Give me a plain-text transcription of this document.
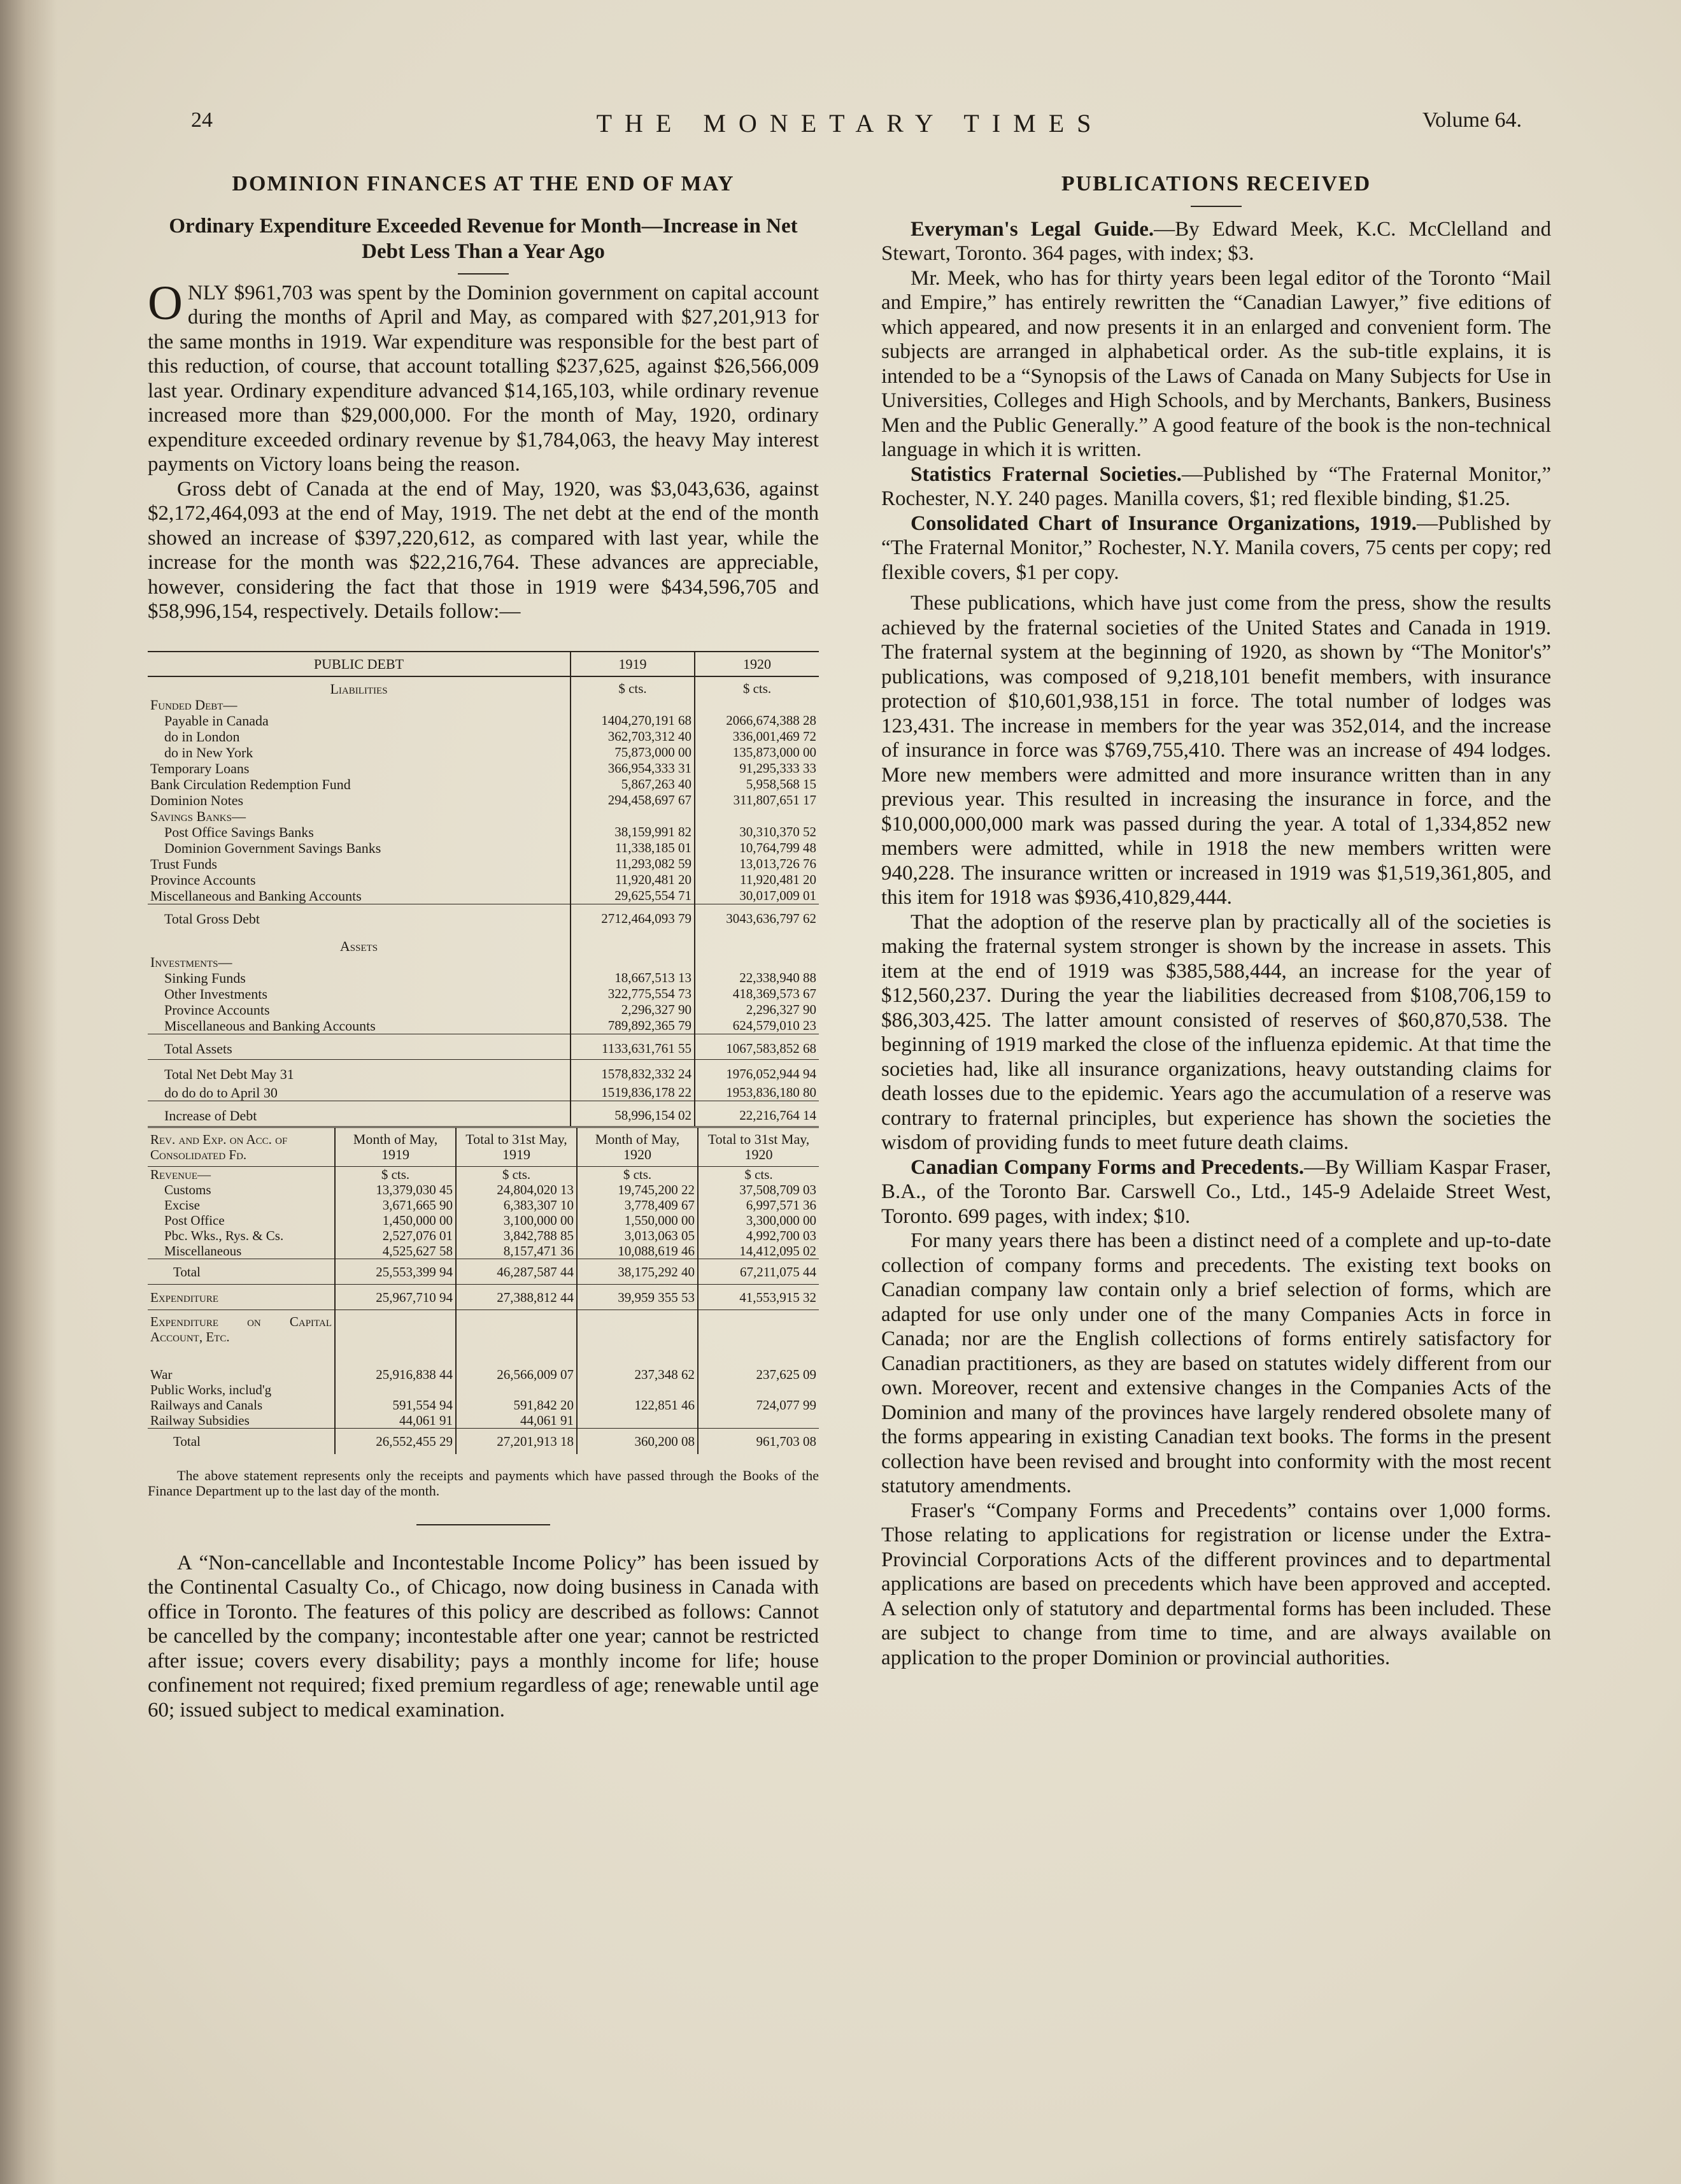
24	THE MONETARY TIMES	Volume 64.
DOMINION FINANCES AT THE END OF MAY
Ordinary Expenditure Exceeded Revenue for Month—Increase in Net Debt Less Than a Year Ago

ONLY $961,703 was spent by the Dominion government on capital account during the months of April and May, as compared with $27,201,913 for the same months in 1919. War expenditure was responsible for the best part of this reduction, of course, that account totalling $237,625, against $26,566,009 last year. Ordinary expenditure advanced $14,165,103, while ordinary revenue increased more than $29,000,000. For the month of May, 1920, ordinary expenditure exceeded ordinary revenue by $1,784,063, the heavy May interest payments on Victory loans being the reason.

Gross debt of Canada at the end of May, 1920, was $3,043,636, against $2,172,464,093 at the end of May, 1919. The net debt at the end of the month showed an increase of $397,220,612, as compared with last year, while the increase for the month was $22,216,764. These advances are appreciable, however, considering the fact that those in 1919 were $434,596,705 and $58,996,154, respectively. Details follow:—

PUBLIC DEBT	1919	1920
Liabilities	$ cts.	$ cts.
Funded Debt—		
Payable in Canada	1404,270,191 68	2066,674,388 28
do in London	362,703,312 40	336,001,469 72
do in New York	75,873,000 00	135,873,000 00
Temporary Loans	366,954,333 31	91,295,333 33
Bank Circulation Redemption Fund	5,867,263 40	5,958,568 15
Dominion Notes	294,458,697 67	311,807,651 17
Savings Banks—		
Post Office Savings Banks	38,159,991 82	30,310,370 52
Dominion Government Savings Banks	11,338,185 01	10,764,799 48
Trust Funds	11,293,082 59	13,013,726 76
Province Accounts	11,920,481 20	11,920,481 20
Miscellaneous and Banking Accounts	29,625,554 71	30,017,009 01
Total Gross Debt	2712,464,093 79	3043,636,797 62
Assets		
Investments—		
Sinking Funds	18,667,513 13	22,338,940 88
Other Investments	322,775,554 73	418,369,573 67
Province Accounts	2,296,327 90	2,296,327 90
Miscellaneous and Banking Accounts	789,892,365 79	624,579,010 23
Total Assets	1133,631,761 55	1067,583,852 68
Total Net Debt May 31	1578,832,332 24	1976,052,944 94
do do do to April 30	1519,836,178 22	1953,836,180 80
Increase of Debt	58,996,154 02	22,216,764 14
Rev. and Exp. on Acc. of Consolidated Fd.	Month of May, 1919	Total to 31st May, 1919	Month of May, 1920	Total to 31st May, 1920
Revenue—	$ cts.	$ cts.	$ cts.	$ cts.
Customs	13,379,030 45	24,804,020 13	19,745,200 22	37,508,709 03
Excise	3,671,665 90	6,383,307 10	3,778,409 67	6,997,571 36
Post Office	1,450,000 00	3,100,000 00	1,550,000 00	3,300,000 00
Pbc. Wks., Rys. & Cs.	2,527,076 01	3,842,788 85	3,013,063 05	4,992,700 03
Miscellaneous	4,525,627 58	8,157,471 36	10,088,619 46	14,412,095 02
Total	25,553,399 94	46,287,587 44	38,175,292 40	67,211,075 44
Expenditure	25,967,710 94	27,388,812 44	39,959 355 53	41,553,915 32
Expenditure on Capital Account, Etc.				
War	25,916,838 44	26,566,009 07	237,348 62	237,625 09
Public Works, includ'g				
Railways and Canals	591,554 94	591,842 20	122,851 46	724,077 99
Railway Subsidies	44,061 91	44,061 91		
Total	26,552,455 29	27,201,913 18	360,200 08	961,703 08
The above statement represents only the receipts and payments which have passed through the Books of the Finance Department up to the last day of the month.

A “Non-cancellable and Incontestable Income Policy” has been issued by the Continental Casualty Co., of Chicago, now doing business in Canada with office in Toronto. The features of this policy are described as follows: Cannot be cancelled by the company; incontestable after one year; cannot be restricted after issue; covers every disability; pays a monthly income for life; house confinement not required; fixed premium regardless of age; renewable until age 60; issued subject to medical examination.

PUBLICATIONS RECEIVED

Everyman's Legal Guide.—By Edward Meek, K.C. McClelland and Stewart, Toronto. 364 pages, with index; $3.

Mr. Meek, who has for thirty years been legal editor of the Toronto “Mail and Empire,” has entirely rewritten the “Canadian Lawyer,” five editions of which appeared, and now presents it in an enlarged and convenient form. The subjects are arranged in alphabetical order. As the sub-title explains, it is intended to be a “Synopsis of the Laws of Canada on Many Subjects for Use in Universities, Colleges and High Schools, and by Merchants, Bankers, Business Men and the Public Generally.” A good feature of the book is the non-technical language in which it is written.

Statistics Fraternal Societies.—Published by “The Fraternal Monitor,” Rochester, N.Y. 240 pages. Manilla covers, $1; red flexible binding, $1.25.

Consolidated Chart of Insurance Organizations, 1919.—Published by “The Fraternal Monitor,” Rochester, N.Y. Manila covers, 75 cents per copy; red flexible covers, $1 per copy.

These publications, which have just come from the press, show the results achieved by the fraternal societies of the United States and Canada in 1919. The fraternal system at the beginning of 1920, as shown by “The Monitor's” publications, was composed of 9,218,101 benefit members, with insurance protection of $10,601,938,151 in force. The total number of lodges was 123,431. The increase in members for the year was 352,014, and the increase of insurance in force was $769,755,410. There was an increase of 494 lodges. More new members were admitted and more insurance written than in any previous year. This resulted in increasing the insurance in force, and the $10,000,000,000 mark was passed during the year. A total of 1,334,852 new members were admitted, while in 1918 the new members written were 940,228. The insurance written or increased in 1919 was $1,519,361,805, and this item for 1918 was $936,410,829,444.

That the adoption of the reserve plan by practically all of the societies is making the fraternal system stronger is shown by the increase in assets. This item at the end of 1919 was $385,588,444, an increase for the year of $12,560,237. During the year the liabilities decreased from $108,706,159 to $86,303,425. The latter amount consisted of reserves of $60,870,538. The beginning of 1919 marked the close of the influenza epidemic. At that time the societies had, like all insurance organizations, heavy outstanding claims for death losses due to the epidemic. Years ago the accumulation of a reserve was contrary to fraternal principles, but experience has shown the societies the wisdom of providing funds to meet future death claims.

Canadian Company Forms and Precedents.—By William Kaspar Fraser, B.A., of the Toronto Bar. Carswell Co., Ltd., 145-9 Adelaide Street West, Toronto. 699 pages, with index; $10.

For many years there has been a distinct need of a complete and up-to-date collection of company forms and precedents. The existing text books on Canadian company law contain only a brief selection of forms, which are adapted for use only under one of the many Companies Acts in force in Canada; nor are the English collections of forms entirely satisfactory for Canadian practitioners, as they are based on statutes widely different from our own. Moreover, recent and extensive changes in the Companies Acts of the Dominion and many of the provinces have largely rendered obsolete many of the forms appearing in existing Canadian text books. The forms in the present collection have been revised and brought into conformity with the most recent statutory amendments.

Fraser's “Company Forms and Precedents” contains over 1,000 forms. Those relating to applications for registration or license under the Extra-Provincial Corporations Acts of the different provinces and to departmental applications are based on precedents which have been approved and accepted. A selection only of statutory and departmental forms has been included. These are subject to change from time to time, and are always available on application to the proper Dominion or provincial authorities.
